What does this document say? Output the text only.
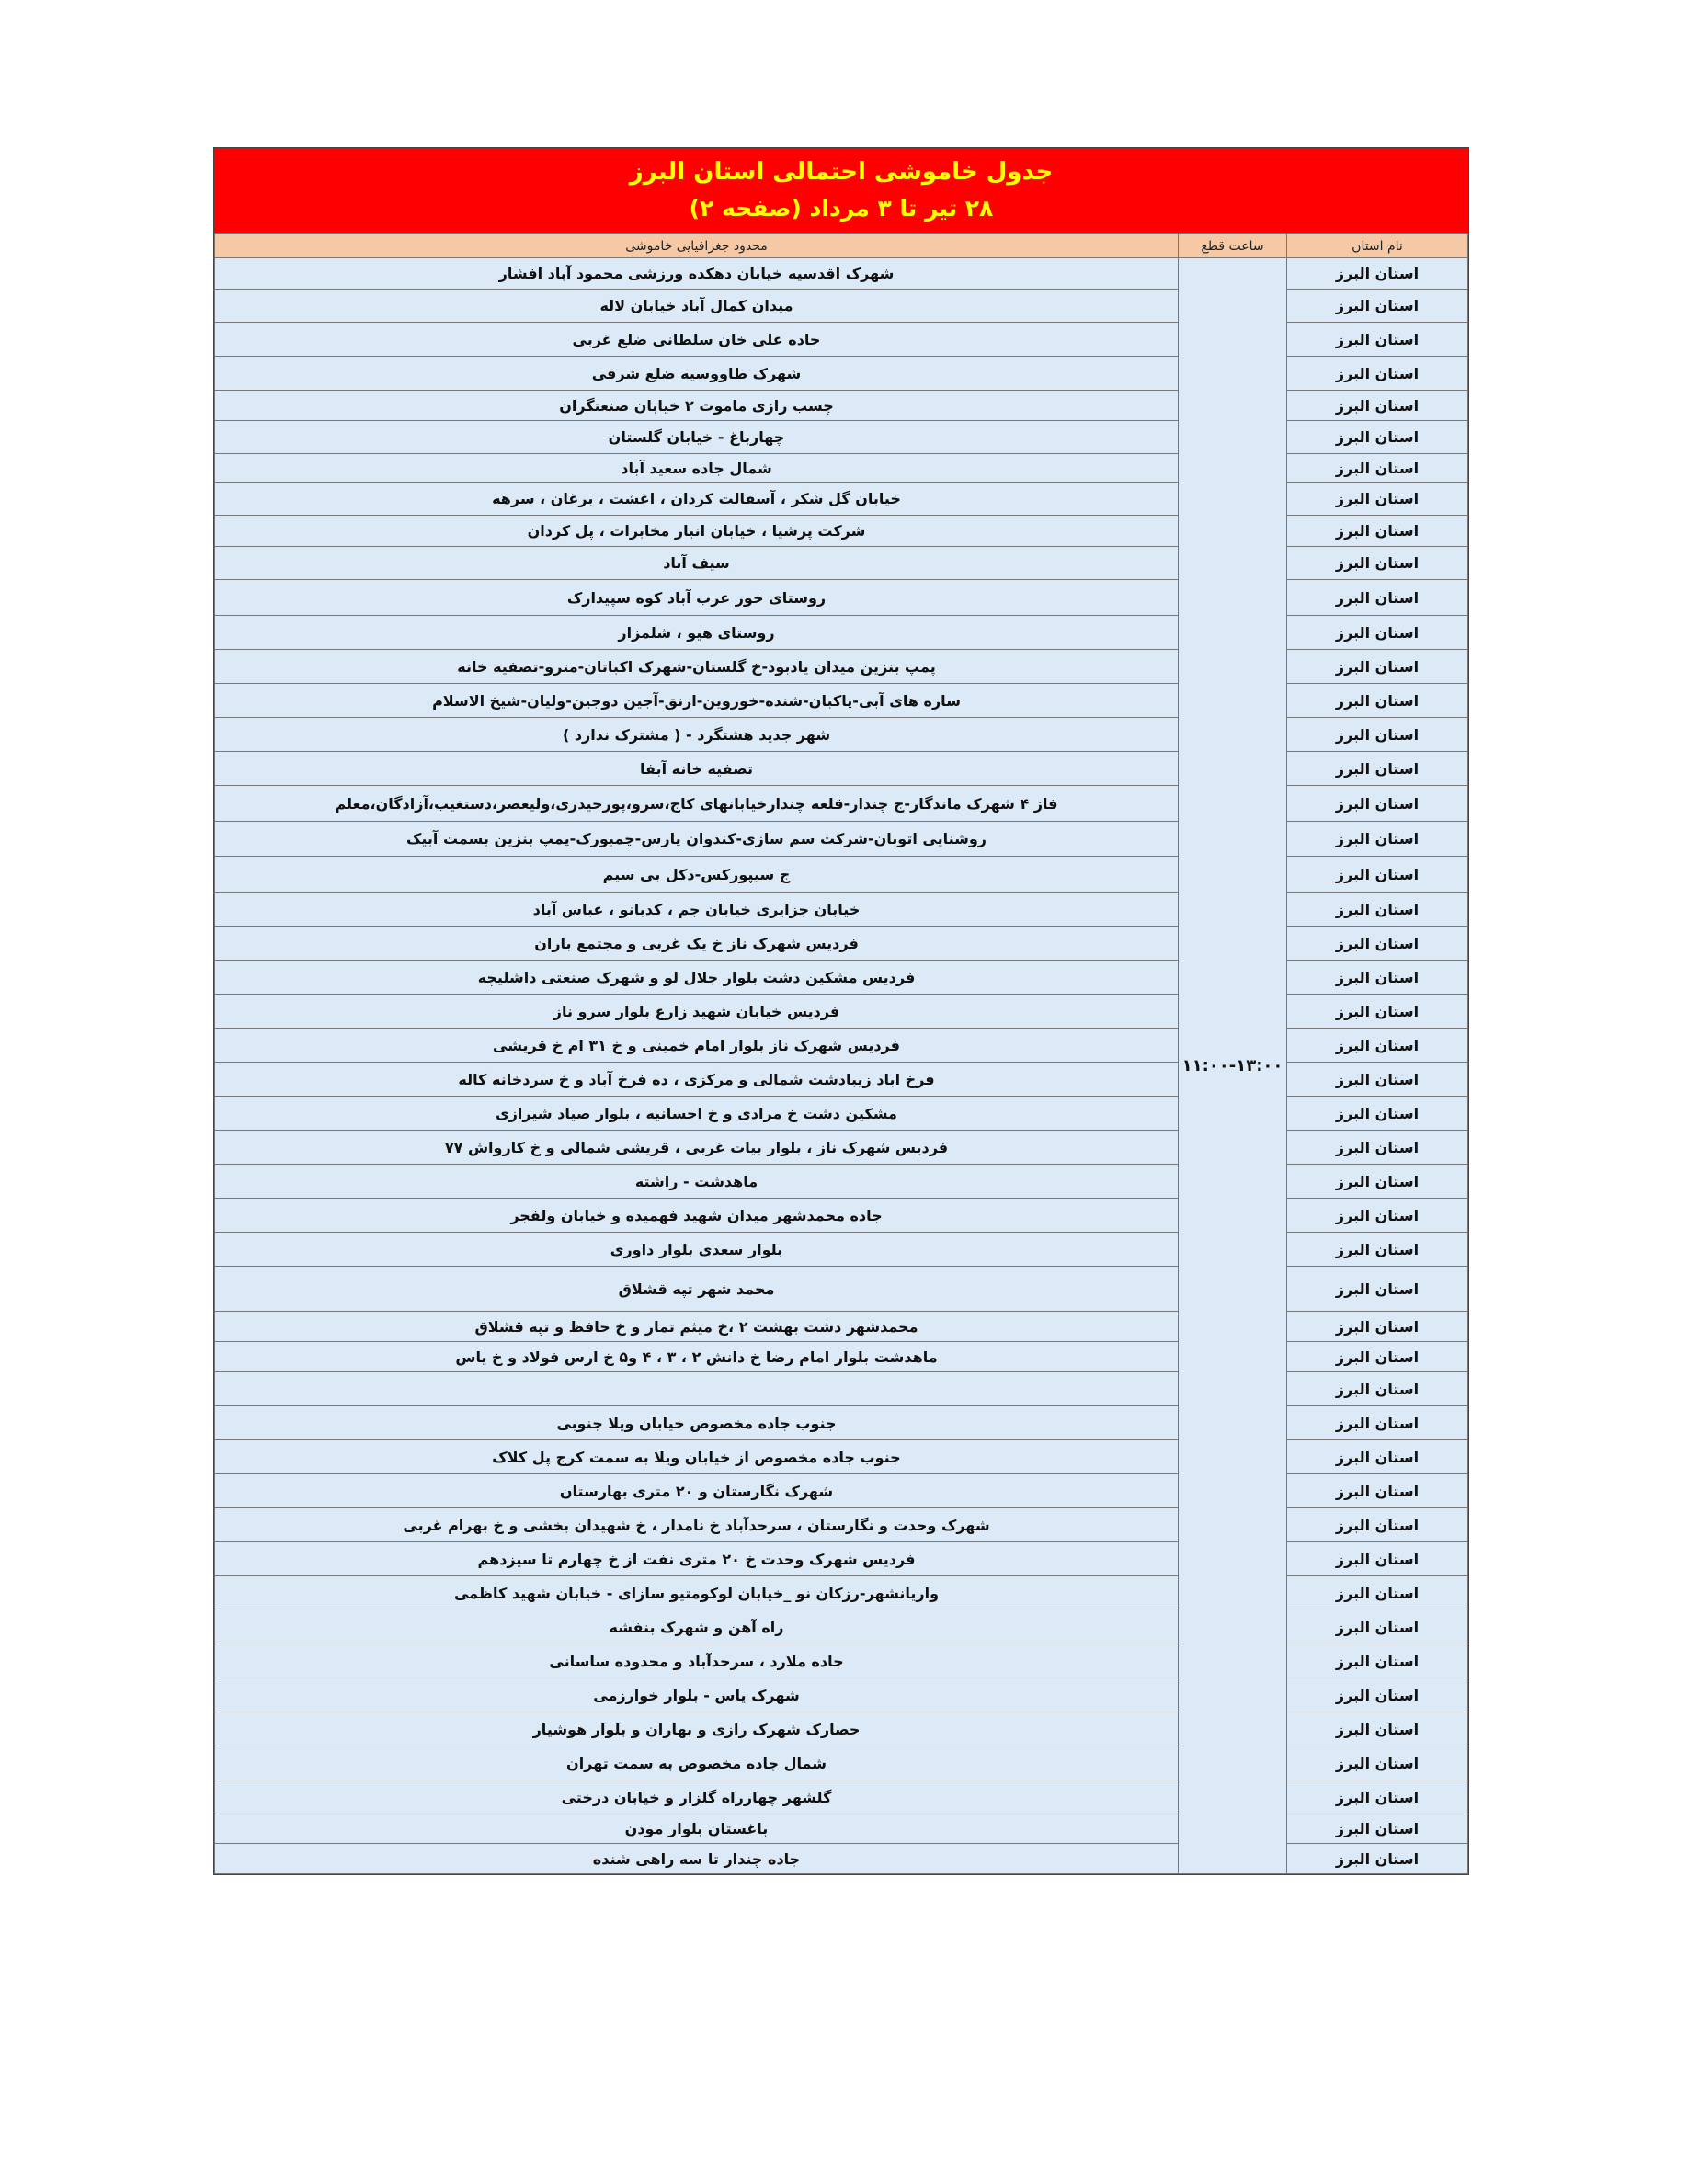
جدول خاموشی احتمالی استان البرز
۲۸ تیر تا ۳ مرداد (صفحه ۲)
نام استان	ساعت قطع	محدود جغرافیایی خاموشی
استان البرز	۱۱:۰۰-۱۳:۰۰	شهرک اقدسیه خیابان دهکده ورزشی محمود آباد افشار
استان البرز		میدان کمال آباد خیابان لاله
استان البرز		جاده علی خان سلطانی ضلع غربی
استان البرز		شهرک طاووسیه ضلع شرقی
استان البرز		چسب رازی ماموت ۲ خیابان صنعتگران
استان البرز		چهارباغ - خیابان گلستان
استان البرز		شمال جاده سعید آباد
استان البرز		خیابان گل شکر ، آسفالت کردان ، اغشت ، برغان ، سرهه
استان البرز		شرکت پرشیا ، خیابان انبار مخابرات ، پل کردان
استان البرز		سیف آباد
استان البرز		روستای خور عرب آباد کوه سپیدارک
استان البرز		روستای هیو ، شلمزار
استان البرز		پمپ بنزین میدان یادبود-خ گلستان-شهرک اکباتان-مترو-تصفیه خانه
استان البرز		سازه های آبی-پاکبان-شنده-خوروین-ازنق-آجین دوجین-ولیان-شیخ الاسلام
استان البرز		شهر جدید هشتگرد - ( مشترک ندارد )
استان البرز		تصفیه خانه آبفا
استان البرز		فاز ۴ شهرک ماندگار-ج چندار-قلعه چندارخیابانهای کاج،سرو،پورحیدری،ولیعصر،دستغیب،آزادگان،معلم
استان البرز		روشنایی اتوبان-شرکت سم سازی-کندوان پارس-چمبورک-پمپ بنزین بسمت آبیک
استان البرز		ج سیپورکس-دکل بی سیم
استان البرز		خیابان جزایری خیابان جم ، کدبانو ، عباس آباد
استان البرز		فردیس شهرک ناز خ یک غربی و مجتمع باران
استان البرز		فردیس مشکین دشت بلوار جلال لو و شهرک صنعتی داشلیچه
استان البرز		فردیس خیابان شهید زارع بلوار سرو ناز
استان البرز		فردیس شهرک ناز بلوار امام خمینی و خ ۳۱ ام خ قریشی
استان البرز		فرخ اباد زیبادشت شمالی و مرکزی ، ده فرخ آباد و خ سردخانه کاله
استان البرز		مشکین دشت خ مرادی و خ احسانیه ، بلوار صیاد شیرازی
استان البرز		فردیس شهرک ناز ، بلوار بیات غربی ، قریشی شمالی و خ کارواش ۷۷
استان البرز		ماهدشت - راشته
استان البرز		جاده محمدشهر میدان شهید فهمیده و خیابان ولفجر
استان البرز		بلوار سعدی بلوار داوری
استان البرز		محمد شهر تپه قشلاق
استان البرز		محمدشهر دشت بهشت ۲ ،خ میثم تمار و خ حافظ و تپه قشلاق
استان البرز		ماهدشت بلوار امام رضا خ دانش ۲ ، ۳ ، ۴ و۵ خ ارس فولاد و خ یاس
استان البرز		
استان البرز		جنوب جاده مخصوص خیابان ویلا جنوبی
استان البرز		جنوب جاده مخصوص از خیابان ویلا به سمت کرج پل کلاک
استان البرز		شهرک نگارستان و ۲۰ متری بهارستان
استان البرز		شهرک وحدت و نگارستان ، سرحدآباد خ نامدار ، خ شهیدان بخشی و خ بهرام غربی
استان البرز		فردیس شهرک وحدت خ ۲۰ متری نفت از خ چهارم تا سیزدهم
استان البرز		واریانشهر-رزکان نو _خیابان لوکومتیو سازای - خیابان شهید کاظمی
استان البرز		راه آهن و شهرک بنفشه
استان البرز		جاده ملارد ، سرحدآباد و محدوده ساسانی
استان البرز		شهرک یاس - بلوار خوارزمی
استان البرز		حصارک شهرک رازی و بهاران و بلوار هوشیار
استان البرز		شمال جاده مخصوص به سمت تهران
استان البرز		گلشهر چهارراه گلزار و خیابان درختی
استان البرز		باغستان بلوار موذن
استان البرز		جاده چندار تا سه راهی شنده
